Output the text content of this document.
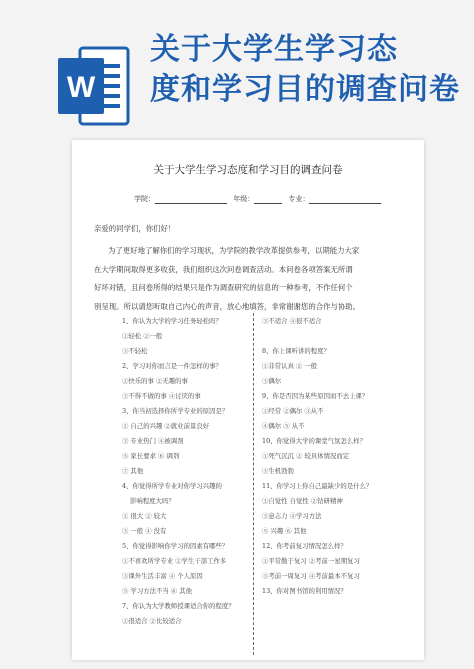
W
关于大学生学习态
度和学习目的调查问卷
关于大学生学习态度和学习目的调查问卷
学院：	年级：	专业：
亲爱的同学们，你们好！
为了更好地了解你们的学习现状，为学院的教学改革提供参考，以期能力大家
在大学期间取得更多收获，我们组织这次问卷调查活动。本问卷各项答案无所谓
好坏对错，且问卷所得的结果只是作为调查研究的信息的一种参考，不作任何个
别呈现。所以请您听取自己内心的声音，放心地填答，非常谢谢您的合作与协助。
1、你认为大学的学习任务轻松吗？
①轻松 ②一般
③不轻松
2、学习对你而言是一件怎样的事？
①快乐的事 ②无趣的事
③不得不做的事 ④讨厌的事
3、你当初选择你所学专业的原因是？
① 自己的兴趣 ②就业前景良好
③ 专业热门 ④被调剂
⑤ 家长要求 ⑥ 调剂
⑦ 其他
4、你觉得所学专业对你学习兴趣的
影响程度大吗？
① 很大 ② 较大
③ 一般 ④ 没有
5、你觉得影响你学习的因素有哪些？
①不喜欢所学专业 ②学生干部工作多
③课外生活丰富 ④ 个人原因
⑤ 学习方法不当 ⑥ 其他
7、你认为大学教师授课适合你的程度？
①很适合 ②比较适合
③不适合 ④很不适合
8、你上课听讲的程度？
①非常认真 ② 一般
③偶尔
9、你是否因为某些原因而不去上课？
①经常 ②偶尔 ③从不
④偶尔 ⑤ 从不
10、你觉得大学的课堂气氛怎么样？
①死气沉沉 ② 较具体情况而定
③生机勃勃
11、你学习上你自己最缺少的是什么？
①自觉性 自觉性 ②钻研精神
③意志力 ④学习方法
⑤ 兴趣 ⑥ 其他
12、你考前复习情况怎么样？
①平常勤于复习 ②考前一星期复习
③考前一周复习 ④考前最本不复习
13、你对图书馆的利用情况？
